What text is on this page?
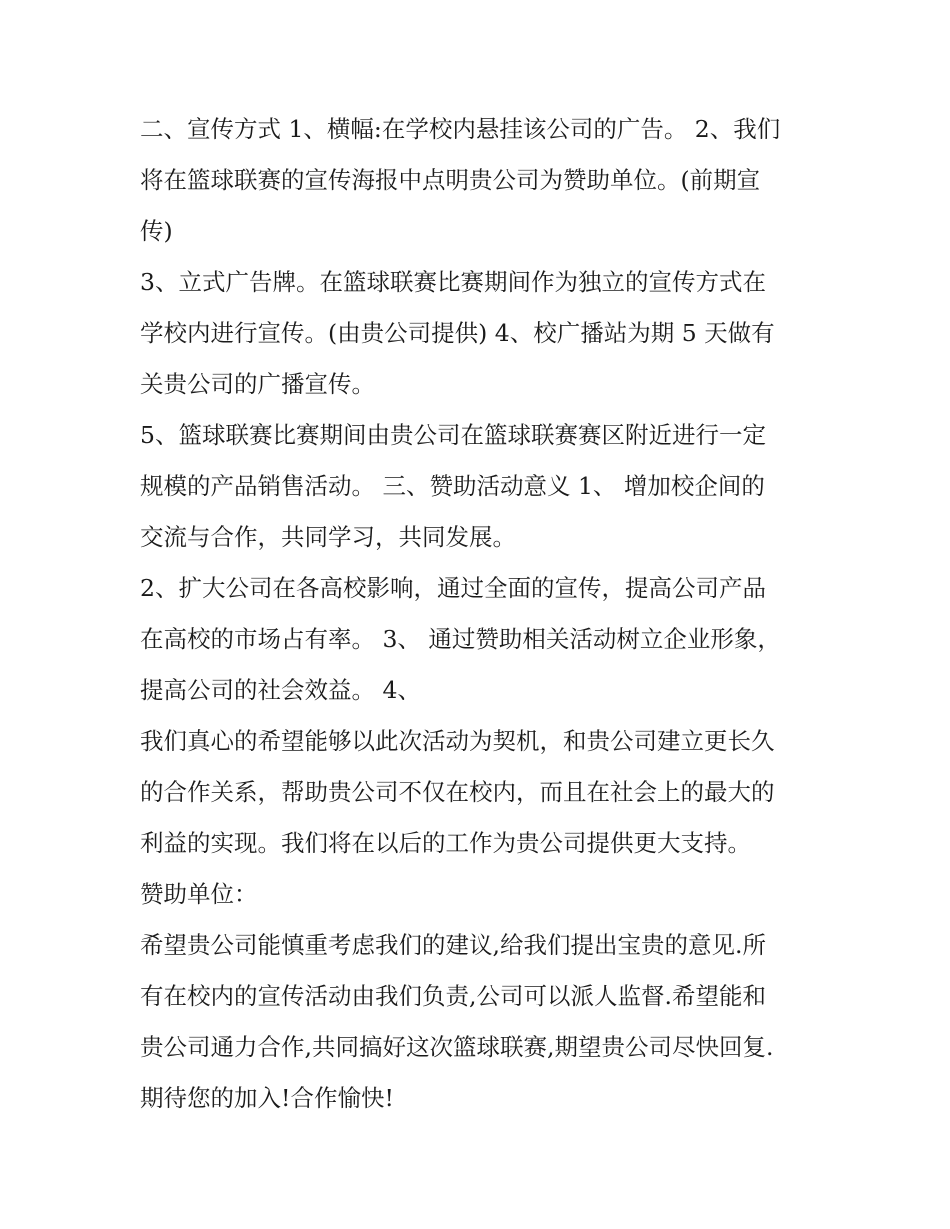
二、宣传方式 1、横幅:在学校内悬挂该公司的广告。 2、我们
将在篮球联赛的宣传海报中点明贵公司为赞助单位。(前期宣
传)

3、立式广告牌。在篮球联赛比赛期间作为独立的宣传方式在
学校内进行宣传。(由贵公司提供) 4、校广播站为期 5 天做有
关贵公司的广播宣传。

5、篮球联赛比赛期间由贵公司在篮球联赛赛区附近进行一定
规模的产品销售活动。 三、赞助活动意义 1、 增加校企间的
交流与合作，共同学习，共同发展。

2、扩大公司在各高校影响，通过全面的宣传，提高公司产品
在高校的市场占有率。 3、 通过赞助相关活动树立企业形象，
提高公司的社会效益。 4、

我们真心的希望能够以此次活动为契机，和贵公司建立更长久
的合作关系，帮助贵公司不仅在校内，而且在社会上的最大的
利益的实现。我们将在以后的工作为贵公司提供更大支持。

赞助单位：

希望贵公司能慎重考虑我们的建议,给我们提出宝贵的意见.所
有在校内的宣传活动由我们负责,公司可以派人监督.希望能和
贵公司通力合作,共同搞好这次篮球联赛,期望贵公司尽快回复.
期待您的加入!合作愉快!
